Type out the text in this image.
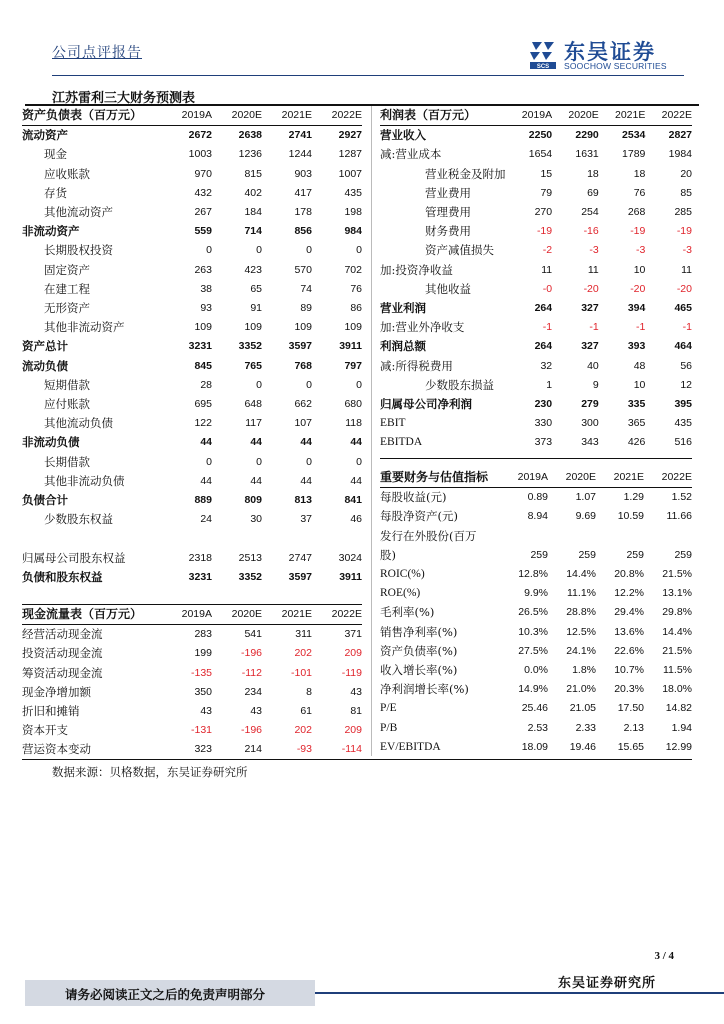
公司点评报告
SCS
东吴证券
SOOCHOW SECURITIES
江苏雷利三大财务预测表
资产负债表（百万元）	2019A	2020E	2021E	2022E
流动资产	2672	2638	2741	2927
现金	1003	1236	1244	1287
应收账款	970	815	903	1007
存货	432	402	417	435
其他流动资产	267	184	178	198
非流动资产	559	714	856	984
长期股权投资	0	0	0	0
固定资产	263	423	570	702
在建工程	38	65	74	76
无形资产	93	91	89	86
其他非流动资产	109	109	109	109
资产总计	3231	3352	3597	3911
流动负债	845	765	768	797
短期借款	28	0	0	0
应付账款	695	648	662	680
其他流动负债	122	117	107	118
非流动负债	44	44	44	44
长期借款	0	0	0	0
其他非流动负债	44	44	44	44
负债合计	889	809	813	841
少数股东权益	24	30	37	46

归属母公司股东权益	2318	2513	2747	3024
负债和股东权益	3231	3352	3597	3911
利润表（百万元）	2019A	2020E	2021E	2022E
营业收入	2250	2290	2534	2827
减:营业成本	1654	1631	1789	1984
营业税金及附加	15	18	18	20
营业费用	79	69	76	85
管理费用	270	254	268	285
财务费用	-19	-16	-19	-19
资产减值损失	-2	-3	-3	-3
加:投资净收益	11	11	10	11
其他收益	-0	-20	-20	-20
营业利润	264	327	394	465
加:营业外净收支	-1	-1	-1	-1
利润总额	264	327	393	464
减:所得税费用	32	40	48	56
少数股东损益	1	9	10	12
归属母公司净利润	230	279	335	395
EBIT	330	300	365	435
EBITDA	373	343	426	516
重要财务与估值指标	2019A	2020E	2021E	2022E
每股收益(元)	0.89	1.07	1.29	1.52
每股净资产(元)	8.94	9.69	10.59	11.66
发行在外股份(百万				
股)	259	259	259	259
ROIC(%)	12.8%	14.4%	20.8%	21.5%
ROE(%)	9.9%	11.1%	12.2%	13.1%
毛利率(%)	26.5%	28.8%	29.4%	29.8%
销售净利率(%)	10.3%	12.5%	13.6%	14.4%
资产负债率(%)	27.5%	24.1%	22.6%	21.5%
收入增长率(%)	0.0%	1.8%	10.7%	11.5%
净利润增长率(%)	14.9%	21.0%	20.3%	18.0%
P/E	25.46	21.05	17.50	14.82
P/B	2.53	2.33	2.13	1.94
EV/EBITDA	18.09	19.46	15.65	12.99
现金流量表（百万元）	2019A	2020E	2021E	2022E
经营活动现金流	283	541	311	371
投资活动现金流	199	-196	202	209
筹资活动现金流	-135	-112	-101	-119
现金净增加额	350	234	8	43
折旧和摊销	43	43	61	81
资本开支	-131	-196	202	209
营运资本变动	323	214	-93	-114
数据来源：贝格数据，东吴证券研究所
3 / 4
请务必阅读正文之后的免责声明部分
东吴证券研究所
